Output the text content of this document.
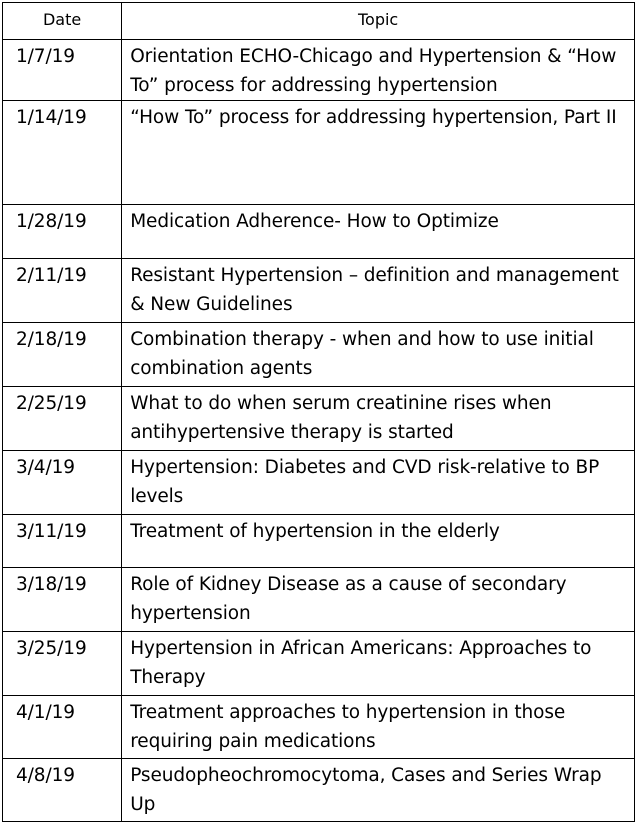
Date	Topic
1/7/19	Orientation ECHO-Chicago and Hypertension & “How To” process for addressing hypertension
1/14/19	“How To” process for addressing hypertension, Part II
1/28/19	Medication Adherence- How to Optimize
2/11/19	Resistant Hypertension – definition and management & New Guidelines
2/18/19	Combination therapy - when and how to use initial combination agents
2/25/19	What to do when serum creatinine rises when antihypertensive therapy is started
3/4/19	Hypertension: Diabetes and CVD risk-relative to BP levels
3/11/19	Treatment of hypertension in the elderly
3/18/19	Role of Kidney Disease as a cause of secondary hypertension
3/25/19	Hypertension in African Americans: Approaches to Therapy
4/1/19	Treatment approaches to hypertension in those requiring pain medications
4/8/19	Pseudopheochromocytoma, Cases and Series Wrap Up
